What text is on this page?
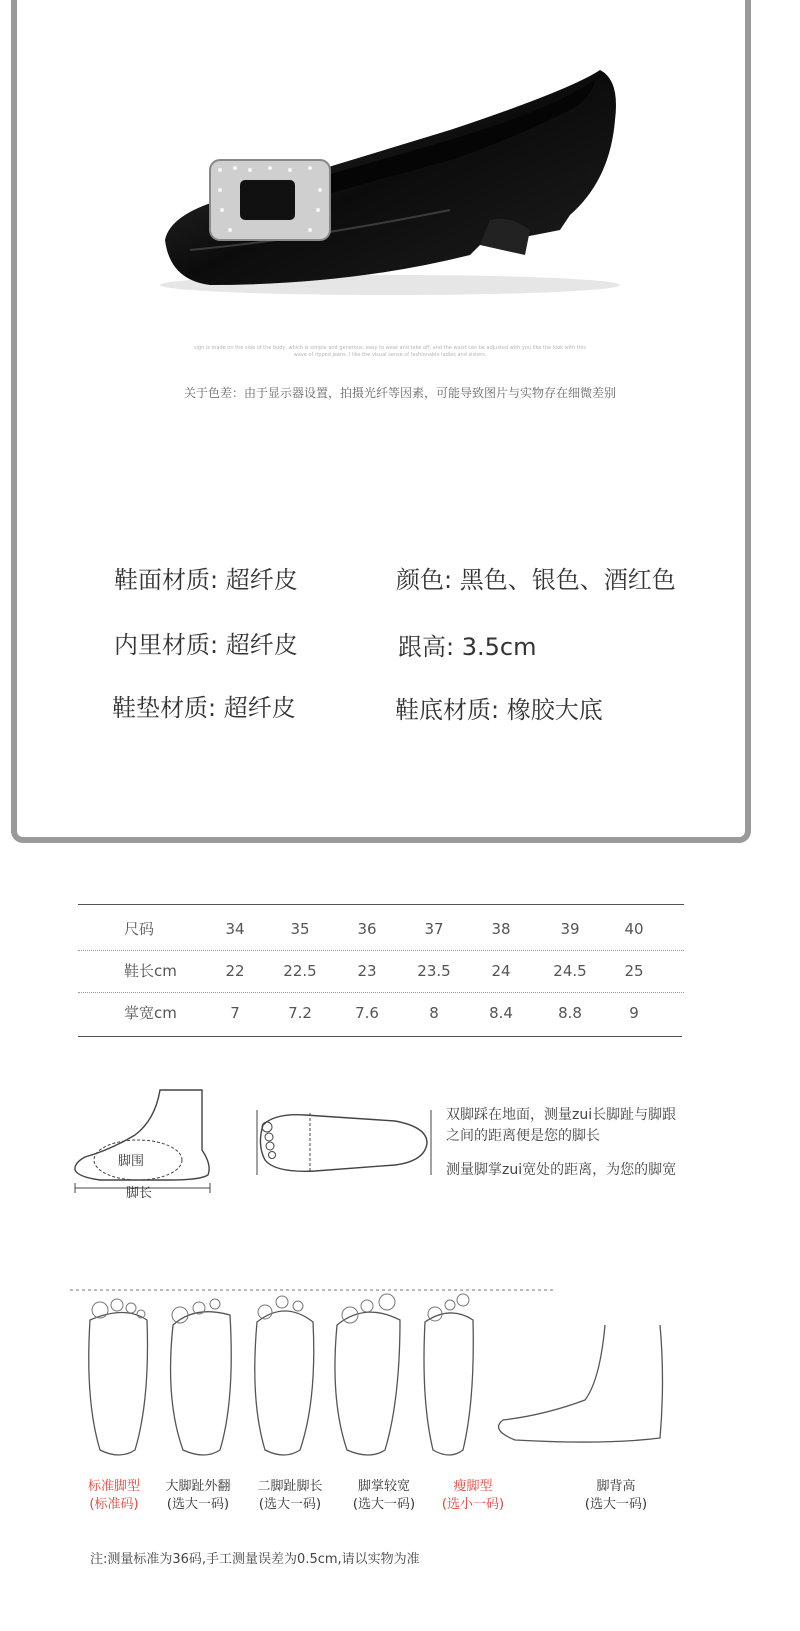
sign is made on the side of the body, which is simple and generous, easy to wear and take off, and the waist can be adjusted with you like the look with this
wave of ripped jeans. I like the visual sense of fashionable ladies and sisters.
关于色差：由于显示器设置，拍摄光纤等因素，可能导致图片与实物存在细微差别
鞋面材质: 超纤皮	颜色: 黑色、银色、酒红色
内里材质: 超纤皮	跟高: 3.5cm
鞋垫材质: 超纤皮	鞋底材质: 橡胶大底
尺码	34	35	36	37	38	39	40
鞋长cm	22	22.5	23	23.5	24	24.5	25
掌宽cm	7	7.2	7.6	8	8.4	8.8	9
脚围
脚长
双脚踩在地面，测量zui长脚趾与脚跟
之间的距离便是您的脚长
测量脚掌zui宽处的距离，为您的脚宽
标准脚型
(标准码)
大脚趾外翻
(选大一码)
二脚趾脚长
(选大一码)
脚掌较宽
(选大一码)
瘦脚型
(选小一码)
脚背高
(选大一码)
注:测量标准为36码,手工测量误差为0.5cm,请以实物为准
